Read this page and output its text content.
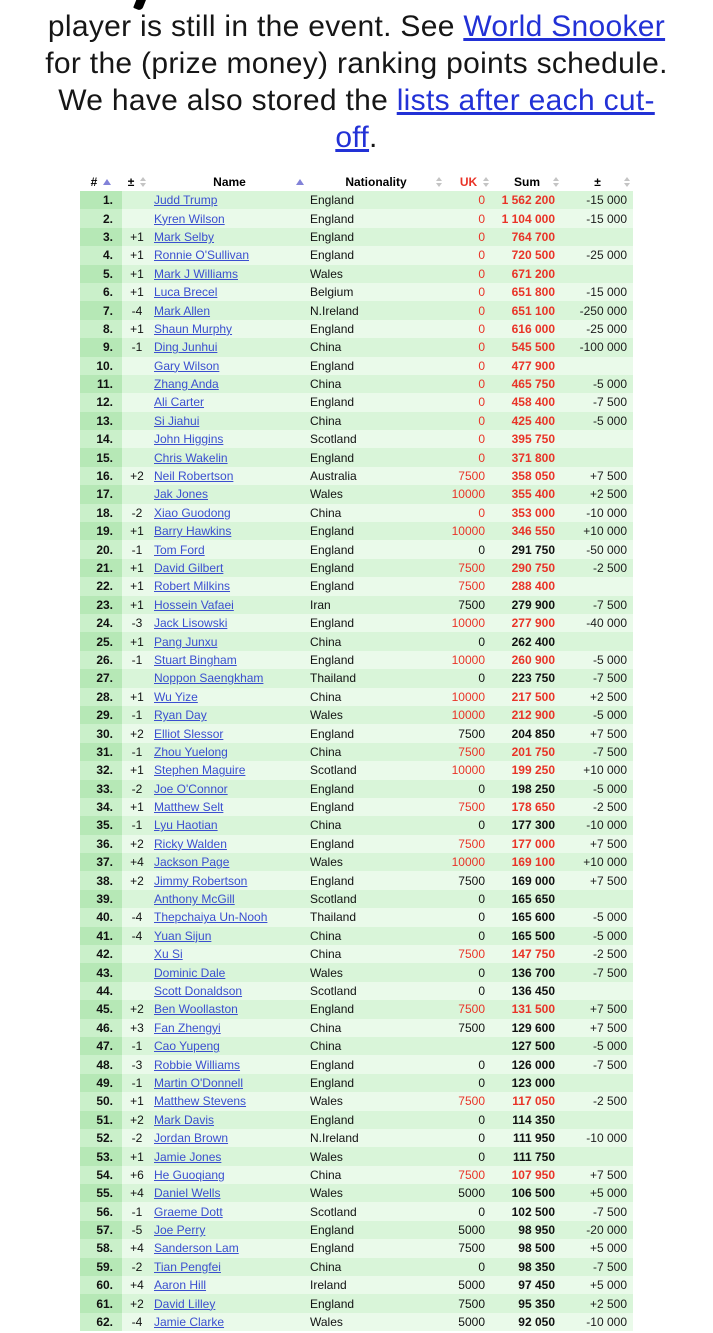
player is still in the event. See World Snooker
for the (prize money) ranking points schedule.
We have also stored the lists after each cut-
off.
#	±	Name	Nationality	UK	Sum	±

1.		Judd Trump	England	0	1 562 200	-15 000
2.		Kyren Wilson	England	0	1 104 000	-15 000
3.	+1	Mark Selby	England	0	764 700	
4.	+1	Ronnie O'Sullivan	England	0	720 500	-25 000
5.	+1	Mark J Williams	Wales	0	671 200	
6.	+1	Luca Brecel	Belgium	0	651 800	-15 000
7.	-4	Mark Allen	N.Ireland	0	651 100	-250 000
8.	+1	Shaun Murphy	England	0	616 000	-25 000
9.	-1	Ding Junhui	China	0	545 500	-100 000
10.		Gary Wilson	England	0	477 900	
11.		Zhang Anda	China	0	465 750	-5 000
12.		Ali Carter	England	0	458 400	-7 500
13.		Si Jiahui	China	0	425 400	-5 000
14.		John Higgins	Scotland	0	395 750	
15.		Chris Wakelin	England	0	371 800	
16.	+2	Neil Robertson	Australia	7500	358 050	+7 500
17.		Jak Jones	Wales	10000	355 400	+2 500
18.	-2	Xiao Guodong	China	0	353 000	-10 000
19.	+1	Barry Hawkins	England	10000	346 550	+10 000
20.	-1	Tom Ford	England	0	291 750	-50 000
21.	+1	David Gilbert	England	7500	290 750	-2 500
22.	+1	Robert Milkins	England	7500	288 400	
23.	+1	Hossein Vafaei	Iran	7500	279 900	-7 500
24.	-3	Jack Lisowski	England	10000	277 900	-40 000
25.	+1	Pang Junxu	China	0	262 400	
26.	-1	Stuart Bingham	England	10000	260 900	-5 000
27.		Noppon Saengkham	Thailand	0	223 750	-7 500
28.	+1	Wu Yize	China	10000	217 500	+2 500
29.	-1	Ryan Day	Wales	10000	212 900	-5 000
30.	+2	Elliot Slessor	England	7500	204 850	+7 500
31.	-1	Zhou Yuelong	China	7500	201 750	-7 500
32.	+1	Stephen Maguire	Scotland	10000	199 250	+10 000
33.	-2	Joe O'Connor	England	0	198 250	-5 000
34.	+1	Matthew Selt	England	7500	178 650	-2 500
35.	-1	Lyu Haotian	China	0	177 300	-10 000
36.	+2	Ricky Walden	England	7500	177 000	+7 500
37.	+4	Jackson Page	Wales	10000	169 100	+10 000
38.	+2	Jimmy Robertson	England	7500	169 000	+7 500
39.		Anthony McGill	Scotland	0	165 650	
40.	-4	Thepchaiya Un-Nooh	Thailand	0	165 600	-5 000
41.	-4	Yuan Sijun	China	0	165 500	-5 000
42.		Xu Si	China	7500	147 750	-2 500
43.		Dominic Dale	Wales	0	136 700	-7 500
44.		Scott Donaldson	Scotland	0	136 450	
45.	+2	Ben Woollaston	England	7500	131 500	+7 500
46.	+3	Fan Zhengyi	China	7500	129 600	+7 500
47.	-1	Cao Yupeng	China		127 500	-5 000
48.	-3	Robbie Williams	England	0	126 000	-7 500
49.	-1	Martin O'Donnell	England	0	123 000	
50.	+1	Matthew Stevens	Wales	7500	117 050	-2 500
51.	+2	Mark Davis	England	0	114 350	
52.	-2	Jordan Brown	N.Ireland	0	111 950	-10 000
53.	+1	Jamie Jones	Wales	0	111 750	
54.	+6	He Guoqiang	China	7500	107 950	+7 500
55.	+4	Daniel Wells	Wales	5000	106 500	+5 000
56.	-1	Graeme Dott	Scotland	0	102 500	-7 500
57.	-5	Joe Perry	England	5000	98 950	-20 000
58.	+4	Sanderson Lam	England	7500	98 500	+5 000
59.	-2	Tian Pengfei	China	0	98 350	-7 500
60.	+4	Aaron Hill	Ireland	5000	97 450	+5 000
61.	+2	David Lilley	England	7500	95 350	+2 500
62.	-4	Jamie Clarke	Wales	5000	92 050	-10 000
